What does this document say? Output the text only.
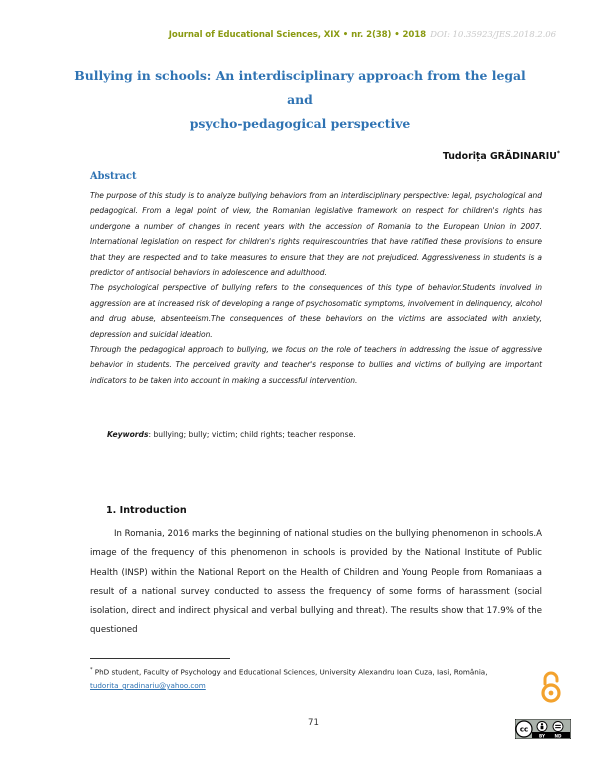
Journal of Educational Sciences, XIX • nr. 2(38) • 2018 DOI: 10.35923/JES.2018.2.06
Bullying in schools: An interdisciplinary approach from the legal and
psycho-pedagogical perspective
Tudorița GRĂDINARIU*
Abstract

The purpose of this study is to analyze bullying behaviors from an interdisciplinary perspective: legal, psychological and pedagogical. From a legal point of view, the Romanian legislative framework on respect for children's rights has undergone a number of changes in recent years with the accession of Romania to the European Union in 2007. International legislation on respect for children's rights requirescountries that have ratified these provisions to ensure that they are respected and to take measures to ensure that they are not prejudiced. Aggressiveness in students is a predictor of antisocial behaviors in adolescence and adulthood.

The psychological perspective of bullying refers to the consequences of this type of behavior.Students involved in aggression are at increased risk of developing a range of psychosomatic symptoms, involvement in delinquency, alcohol and drug abuse, absenteeism.The consequences of these behaviors on the victims are associated with anxiety, depression and suicidal ideation.

Through the pedagogical approach to bullying, we focus on the role of teachers in addressing the issue of aggressive behavior in students. The perceived gravity and teacher's response to bullies and victims of bullying are important indicators to be taken into account in making a successful intervention.

Keywords: bullying; bully; victim; child rights; teacher response.
1. Introduction

In Romania, 2016 marks the beginning of national studies on the bullying phenomenon in schools.A image of the frequency of this phenomenon in schools is provided by the National Institute of Public Health (INSP) within the National Report on the Health of Children and Young People from Romaniaas a result of a national survey conducted to assess the frequency of some forms of harassment (social isolation, direct and indirect physical and verbal bullying and threat). The results show that 17.9% of the questioned

* PhD student, Faculty of Psychology and Educational Sciences, University Alexandru Ioan Cuza, Iasi, România, tudorita_gradinariu@yahoo.com
71
cc
BY ND
